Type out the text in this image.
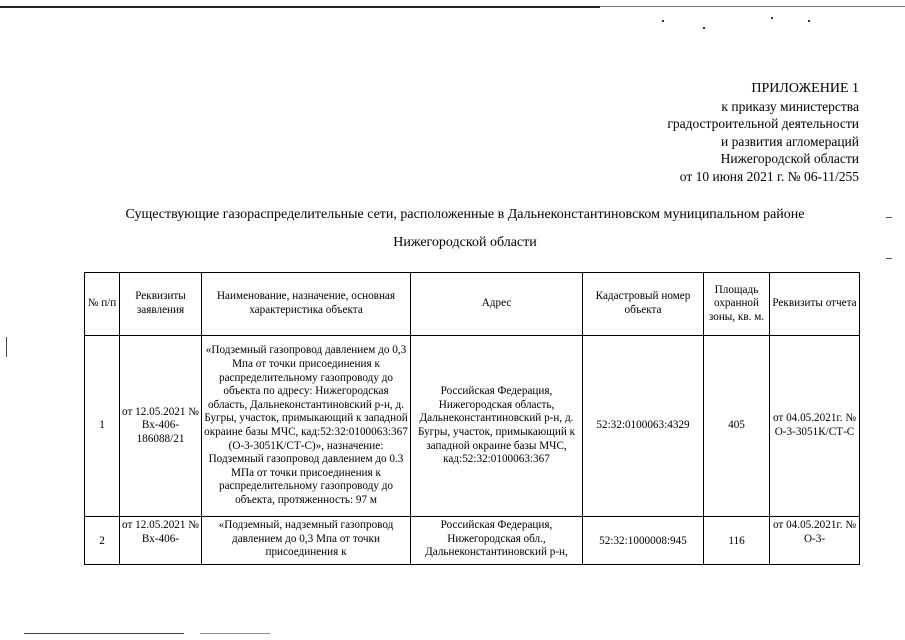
ПРИЛОЖЕНИЕ 1
к приказу министерства
градостроительной деятельности
и развития агломераций
Нижегородской области
от 10 июня 2021 г. № 06-11/255
Существующие газораспределительные сети, расположенные в Дальнеконстантиновском муниципальном районе
Нижегородской области
№ п/п	Реквизиты заявления	Наименование, назначение, основная характеристика объекта	Адрес	Кадастровый номер объекта	Площадь охранной зоны, кв. м.	Реквизиты отчета
1	от 12.05.2021 № Вх-406-186088/21	«Подземный газопровод давлением до 0,3 Мпа от точки присоединения к распределительному газопроводу до объекта по адресу: Нижегородская область, Дальнеконстантиновский р-н, д. Бугры, участок, примыкающий к западной окраине базы МЧС, кад:52:32:0100063:367 (О-3-3051К/СТ-С)», назначение: Подземный газопровод давлением до 0.3 МПа от точки присоединения к распределительному газопроводу до объекта, протяженность: 97 м	Российская Федерация, Нижегородская область, Дальнеконстантиновский р-н, д. Бугры, участок, примыкающий к западной окраине базы МЧС, кад:52:32:0100063:367	52:32:0100063:4329	405	от 04.05.2021г. № О-3-3051К/СТ-С
2	от 12.05.2021 № Вх-406-	«Подземный, надземный газопровод давлением до 0,3 Мпа от точки присоединения к	Российская Федерация, Нижегородская обл., Дальнеконстантиновский р-н,	52:32:1000008:945	116	от 04.05.2021г. № О-3-
